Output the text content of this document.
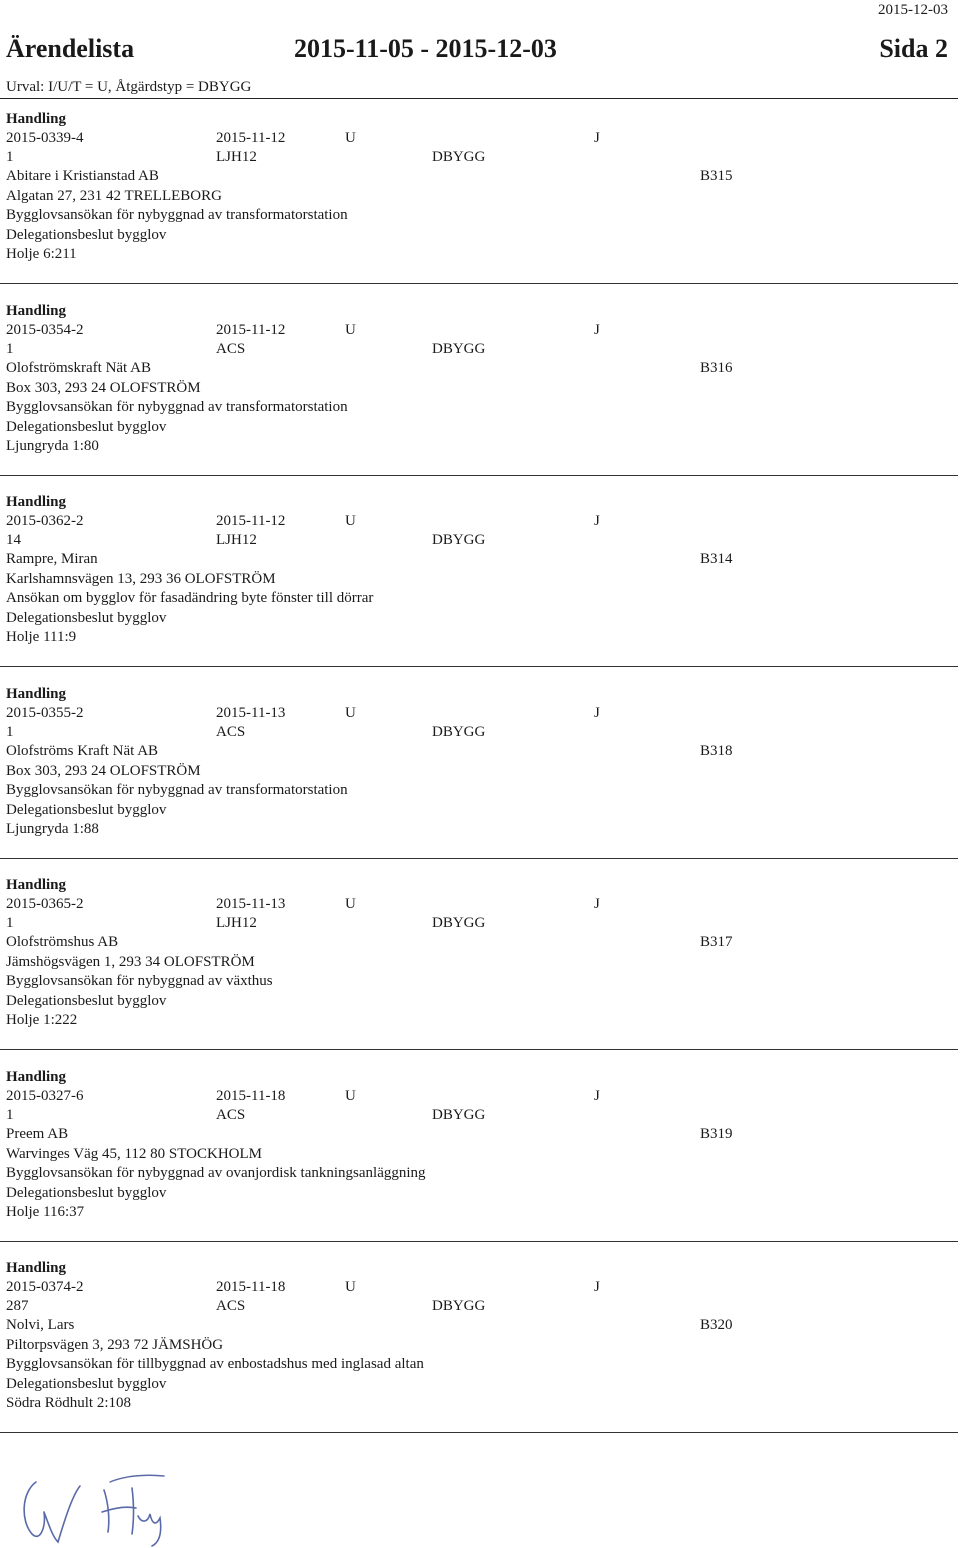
2015-12-03
Ärendelista	2015-11-05 - 2015-12-03	Sida 2
Urval: I/U/T = U, Åtgärdstyp = DBYGG
Handling
2015-0339-4	2015-11-12	U	J
1	LJH12	DBYGG
Abitare i Kristianstad AB	B315
Algatan 27, 231 42 TRELLEBORG
Bygglovsansökan för nybyggnad av transformatorstation
Delegationsbeslut bygglov
Holje 6:211
Handling
2015-0354-2	2015-11-12	U	J
1	ACS	DBYGG
Olofströmskraft Nät AB	B316
Box 303, 293 24 OLOFSTRÖM
Bygglovsansökan för nybyggnad av transformatorstation
Delegationsbeslut bygglov
Ljungryda 1:80
Handling
2015-0362-2	2015-11-12	U	J
14	LJH12	DBYGG
Rampre, Miran	B314
Karlshamnsvägen 13, 293 36 OLOFSTRÖM
Ansökan om bygglov för fasadändring byte fönster till dörrar
Delegationsbeslut bygglov
Holje 111:9
Handling
2015-0355-2	2015-11-13	U	J
1	ACS	DBYGG
Olofströms Kraft Nät AB	B318
Box 303, 293 24 OLOFSTRÖM
Bygglovsansökan för nybyggnad av transformatorstation
Delegationsbeslut bygglov
Ljungryda 1:88
Handling
2015-0365-2	2015-11-13	U	J
1	LJH12	DBYGG
Olofströmshus AB	B317
Jämshögsvägen 1, 293 34 OLOFSTRÖM
Bygglovsansökan för nybyggnad av växthus
Delegationsbeslut bygglov
Holje 1:222
Handling
2015-0327-6	2015-11-18	U	J
1	ACS	DBYGG
Preem AB	B319
Warvinges Väg 45, 112 80 STOCKHOLM
Bygglovsansökan för nybyggnad av ovanjordisk tankningsanläggning
Delegationsbeslut bygglov
Holje 116:37
Handling
2015-0374-2	2015-11-18	U	J
287	ACS	DBYGG
Nolvi, Lars	B320
Piltorpsvägen 3, 293 72 JÄMSHÖG
Bygglovsansökan för tillbyggnad av enbostadshus med inglasad altan
Delegationsbeslut bygglov
Södra Rödhult 2:108
